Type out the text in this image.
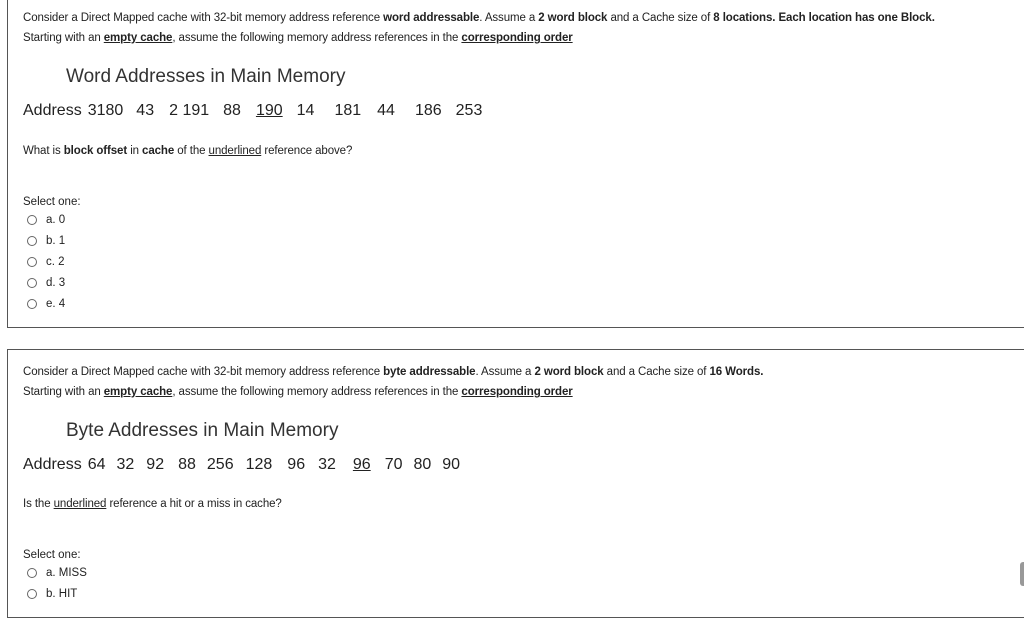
Consider a Direct Mapped cache with 32-bit memory address reference word addressable. Assume a 2 word block and a Cache size of 8 locations. Each location has one Block.
Starting with an empty cache, assume the following memory address references in the corresponding order
Word Addresses in Main Memory
Address 3180 43 2 191 88 190 14 181 44 186 253
What is block offset in cache of the underlined reference above?
Select one:
a. 0
b. 1
c. 2
d. 3
e. 4
Consider a Direct Mapped cache with 32-bit memory address reference byte addressable. Assume a 2 word block and a Cache size of 16 Words.
Starting with an empty cache, assume the following memory address references in the corresponding order
Byte Addresses in Main Memory
Address 64 32 92 88 256 128 96 32 96 70 80 90
Is the underlined reference a hit or a miss in cache?
Select one:
a. MISS
b. HIT
